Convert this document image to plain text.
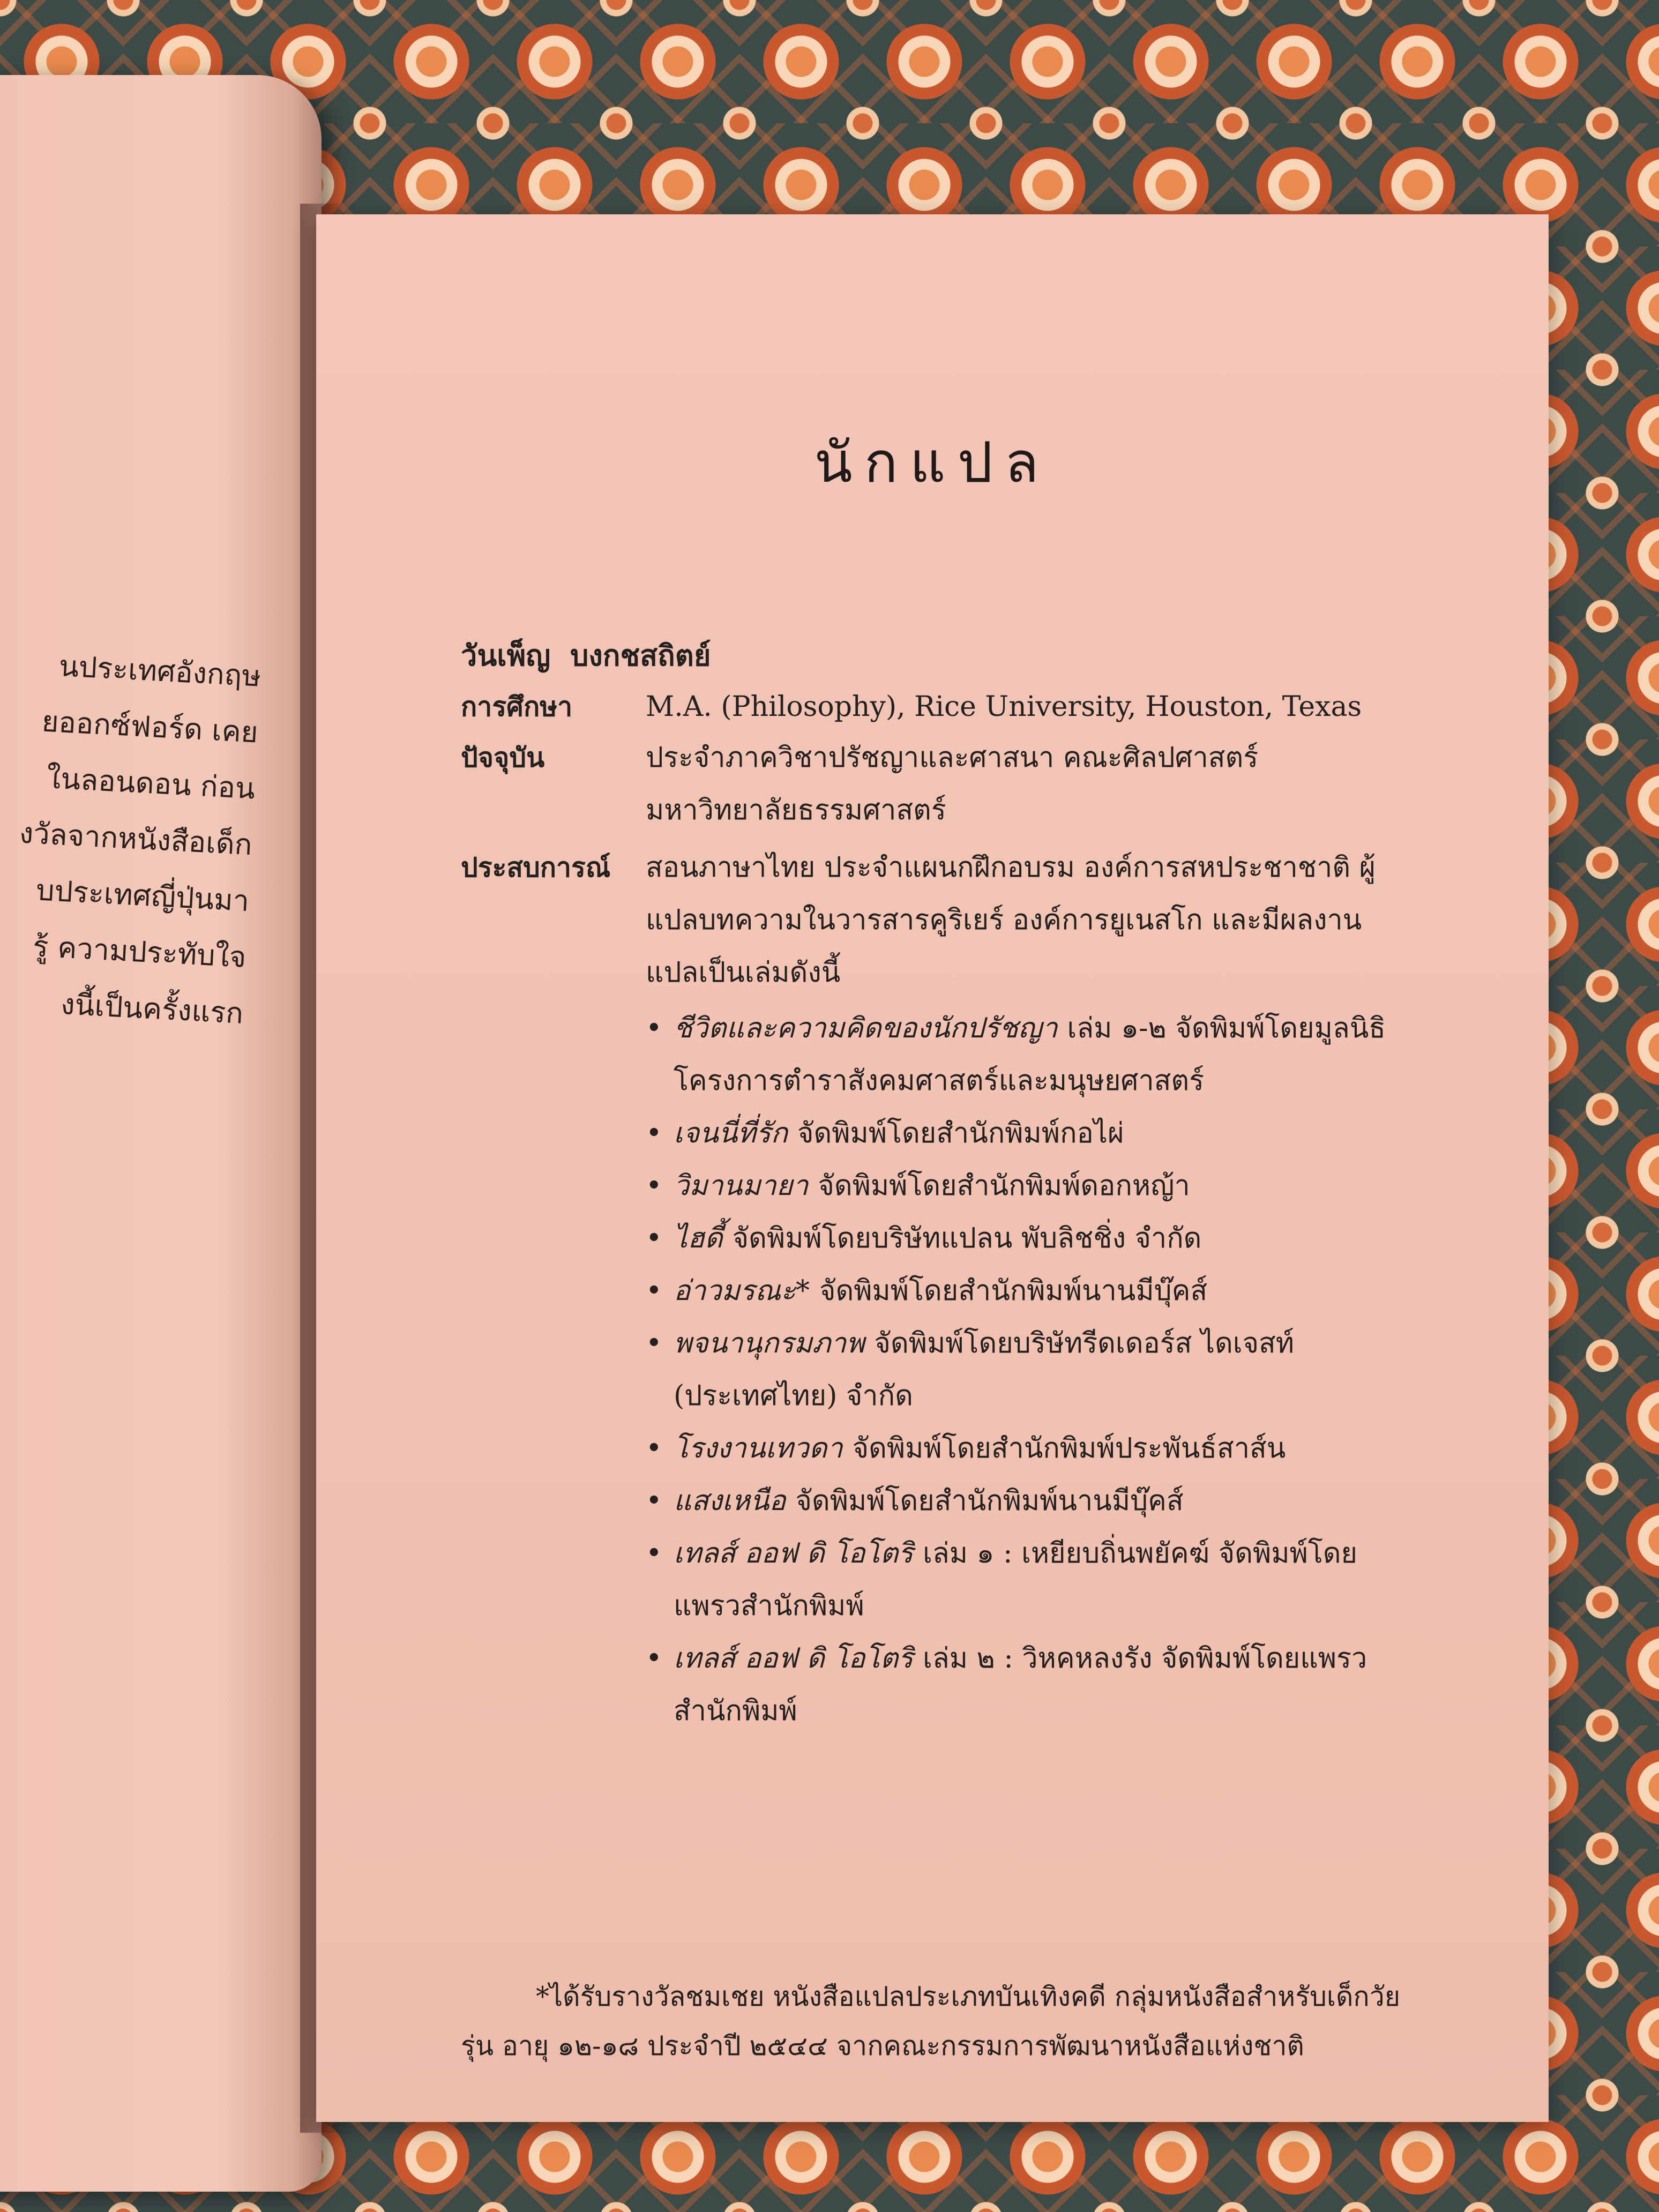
นประเทศอังกฤษ
ยออกซ์ฟอร์ด เคย
ในลอนดอน ก่อน
งวัลจากหนังสือเด็ก
บประเทศญี่ปุ่นมา
รู้ ความประทับใจ
งนี้เป็นครั้งแรก
นักแปล
วันเพ็ญ บงกชสถิตย์
การศึกษา	M.A. (Philosophy), Rice University, Houston, Texas
ปัจจุบัน	ประจำภาควิชาปรัชญาและศาสนา คณะศิลปศาสตร์ มหาวิทยาลัยธรรมศาสตร์
ประสบการณ์ สอนภาษาไทย ประจำแผนกฝึกอบรม องค์การสหประชาชาติ ผู้แปลบทความในวารสารคูริเยร์ องค์การยูเนสโก และมีผลงานแปลเป็นเล่มดังนี้
• ชีวิตและความคิดของนักปรัชญา เล่ม ๑-๒ จัดพิมพ์โดยมูลนิธิโครงการตำราสังคมศาสตร์และมนุษยศาสตร์
• เจนนี่ที่รัก จัดพิมพ์โดยสำนักพิมพ์กอไผ่
• วิมานมายา จัดพิมพ์โดยสำนักพิมพ์ดอกหญ้า
• ไฮดี้ จัดพิมพ์โดยบริษัทแปลน พับลิชชิ่ง จำกัด
• อ่าวมรณะ* จัดพิมพ์โดยสำนักพิมพ์นานมีบุ๊คส์
• พจนานุกรมภาพ จัดพิมพ์โดยบริษัทรีดเดอร์ส ไดเจสท์ (ประเทศไทย) จำกัด
• โรงงานเทวดา จัดพิมพ์โดยสำนักพิมพ์ประพันธ์สาส์น
• แสงเหนือ จัดพิมพ์โดยสำนักพิมพ์นานมีบุ๊คส์
• เทลส์ ออฟ ดิ โอโตริ เล่ม ๑ : เหยียบถิ่นพยัคฆ์ จัดพิมพ์โดยแพรวสำนักพิมพ์
• เทลส์ ออฟ ดิ โอโตริ เล่ม ๒ : วิหคหลงรัง จัดพิมพ์โดยแพรวสำนักพิมพ์
*ได้รับรางวัลชมเชย หนังสือแปลประเภทบันเทิงคดี กลุ่มหนังสือสำหรับเด็กวัยรุ่น อายุ ๑๒-๑๘ ประจำปี ๒๕๔๔ จากคณะกรรมการพัฒนาหนังสือแห่งชาติ
